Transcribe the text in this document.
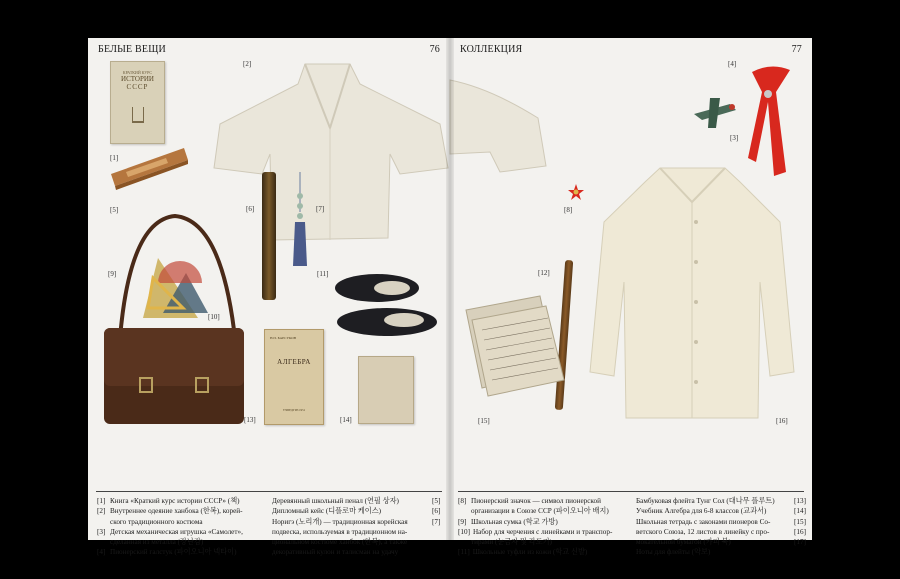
БЕЛЫЕ ВЕЩИ	76
КРАТКИЙ КУРС
ИСТОРИИ
СССР
Н.П. БАРСУКОВ
АЛГЕБРА
УЧПЕДГИЗ 1951
[1]
[2]
[5]	[6]	[7]
[9]
[10]
[11]
[13]	[14]
[1] Книга «Краткий курс истории СССР» (책)
[2] Внутреннее одеяние ханбока (한복), корей-
ского традиционного костюма
[3] Детская механическая игрушка «Самолет»,
сделанная из металла (장난감)
[4] Пионерский галстук (파이오니아 넥타이)
Деревянный школьный пенал (연필 상자)	[5]
Дипломный кейс (디플로마 케이스)	[6]
Норигэ (노리개) — традиционная корейская	[7]
подвеска, используемая в традиционном на-
циональном костюме ханбок (한복), а также
декоративный кулон и талисман на удачу
КОЛЛЕКЦИЯ	77
[4]
[3]
[8]
[12]
[15]	[16]
[8] Пионерский значок — символ пионерской
организации в Союзе ССР (파이오니아 배지)
[9] Школьная сумка (학교 가방)
[10] Набор для черчения с линейками и транспор-
тирами (눈금자 및 각도기)
[11] Школьные туфли из кожи (학교 신발)
Бамбуковая флейта Тунг Сол (대나무 플루트)	[13]
Учебник Алгебра для 6-8 классов (교과서)	[14]
Школьная тетрадь с законами пионеров Со-	[15]
ветского Союза, 12 листов в линейку с про-	[16]
мокательной бумагой (카피 북)	[17]
Ноты для флейты (악보)
